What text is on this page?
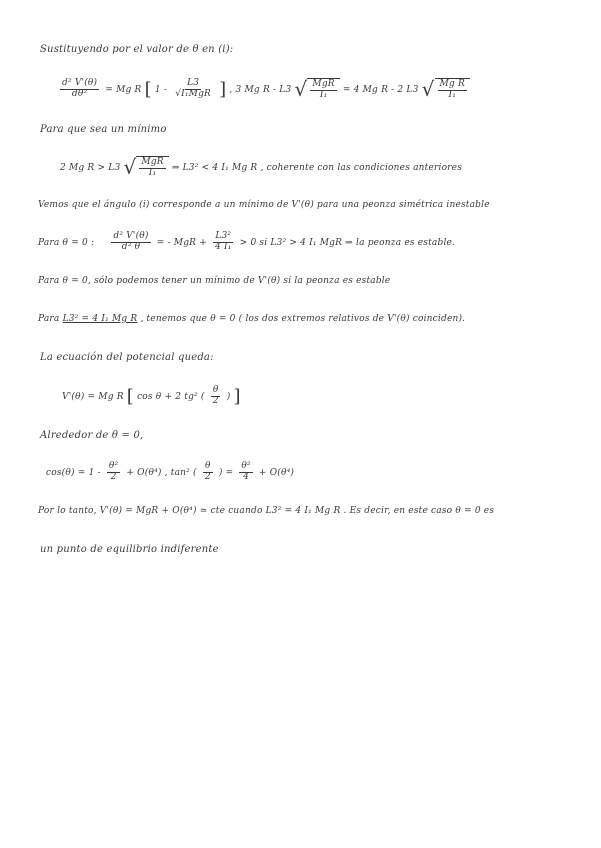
Sustituyendo por el valor de θ en (i):
$\frac{\text{d² V'(θ)}}{\text{dθ²}} = Mg$ R [ $1 - \frac{L3}{\text{√I₁MgR}}$ ] , 3 Mg R - L3 √ $\frac{\text{MgR}}{\text{I₁}} = 4$ Mg R - 2 L3 √ $\frac{\text{Mg R}}{\text{I₁}}$
Para que sea un mínimo
2 Mg R > L3 √ $\frac{\text{MgR}}{\text{I₁}}$ ⇒ L3² < 4 I₁ Mg R , coherente con las condiciones anteriores
Vemos que el ángulo (i) corresponde a un mínimo de V'(θ) para una peonza simétrica inestable
Para θ = 0 : $\frac{\text{d² V'(θ)}}{\text{d² θ}}$ = - MgR + $\frac{\text{L3²}}{\text{4 I₁}} > 0$ si L3² > 4 I₁ MgR ⇒ la peonza es estable.
Para θ = 0, sólo podemos tener un mínimo de V'(θ) si la peonza es estable
Para L3² = 4 I₁ Mg R , tenemos que θ = 0 ( los dos extremos relativos de V'(θ) coinciden).
La ecuación del potencial queda:
V'(θ) = Mg R [ cos θ + 2 tg² ( $\frac{\theta}{2}$ ) ]
Alrededor de θ = 0,
$\cos(\theta) = 1 - \frac{\text{θ²}}{2} + O(\theta^4)$ , tan² ( $\frac{\theta}{2}$ ) = $\frac{\text{θ²}}{4} + O(\theta^4)$
Por lo tanto, V'(θ) = MgR + O(θ⁴) ≃ cte cuando L3² = 4 I₁ Mg R . Es decir, en este caso θ = 0 es
un punto de equilibrio indiferente
